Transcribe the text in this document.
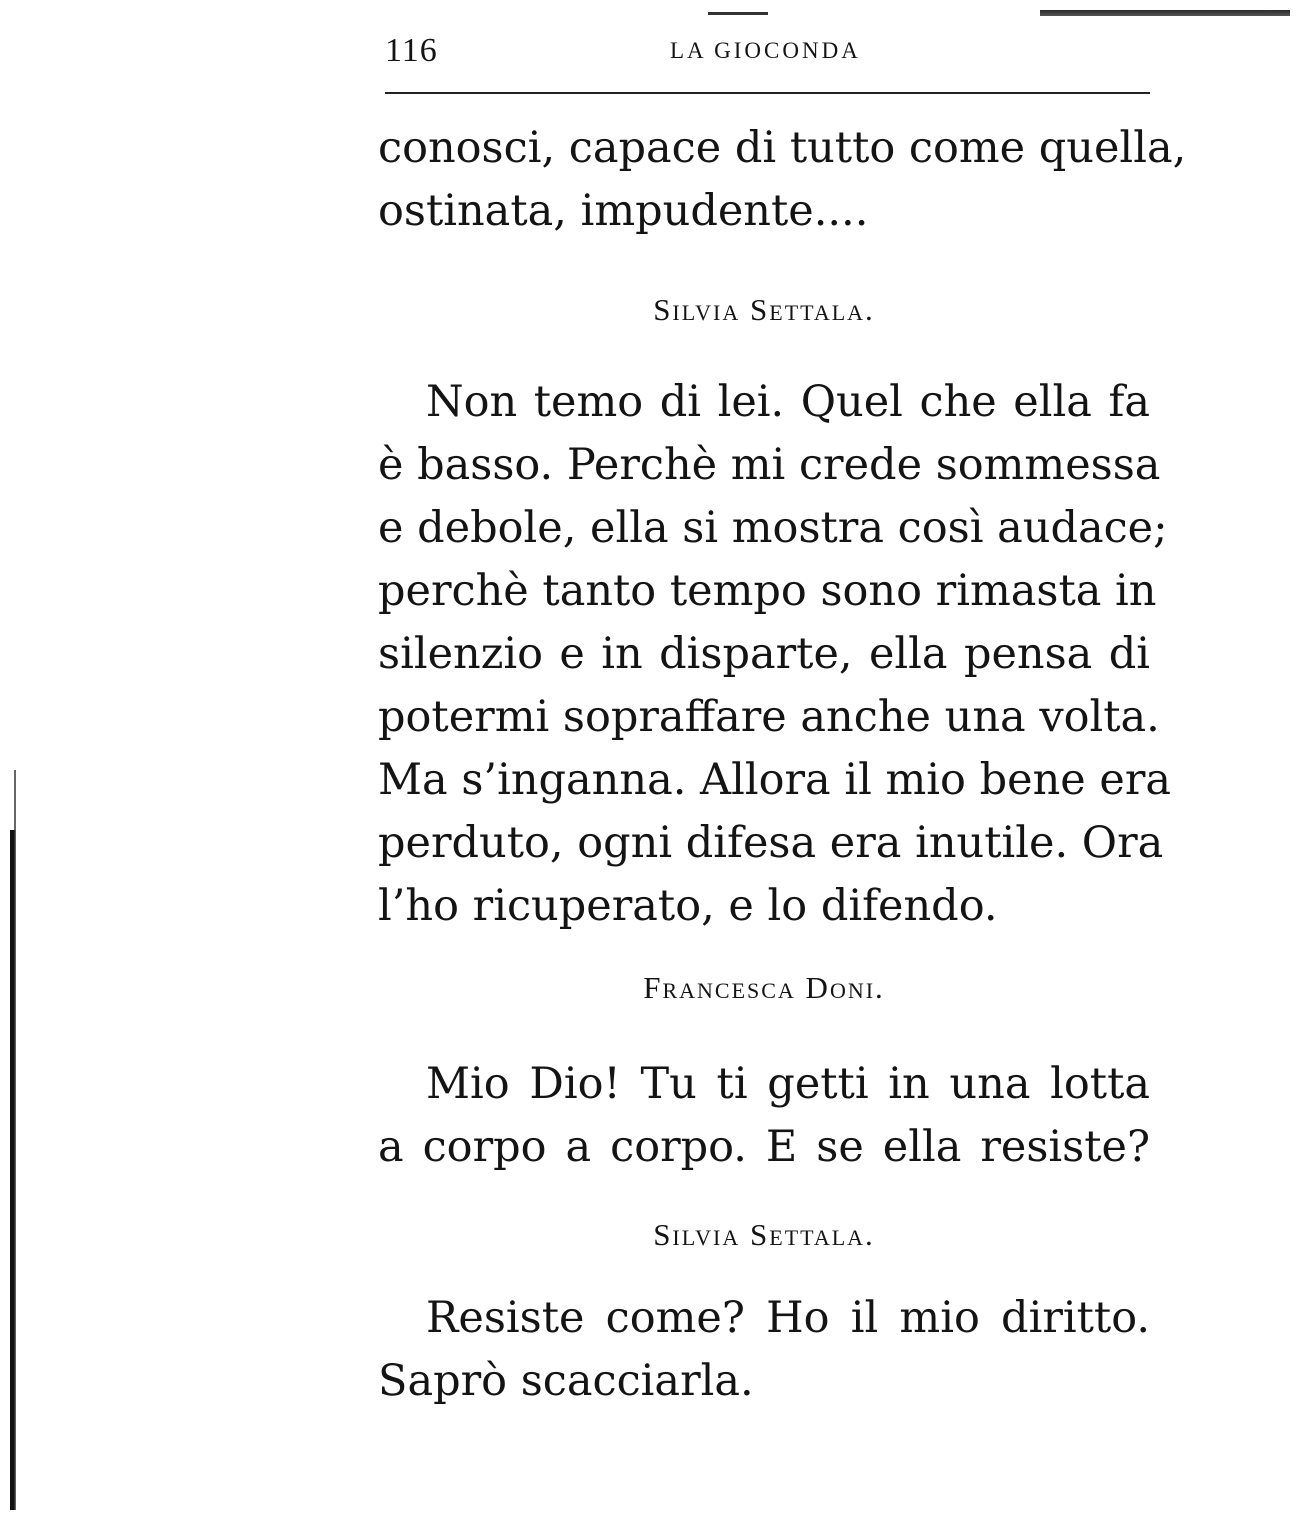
116	LA GIOCONDA
conosci, capace di tutto come quella,
ostinata, impudente....
Silvia Settala.
Non temo di lei. Quel che ella fa
è basso. Perchè mi crede sommessa
e debole, ella si mostra così audace;
perchè tanto tempo sono rimasta in
silenzio e in disparte, ella pensa di
potermi sopraffare anche una volta.
Ma s’inganna. Allora il mio bene era
perduto, ogni difesa era inutile. Ora
l’ho ricuperato, e lo difendo.
Francesca Doni.
Mio Dio! Tu ti getti in una lotta
a corpo a corpo. E se ella resiste?
Silvia Settala.
Resiste come? Ho il mio diritto.
Saprò scacciarla.
